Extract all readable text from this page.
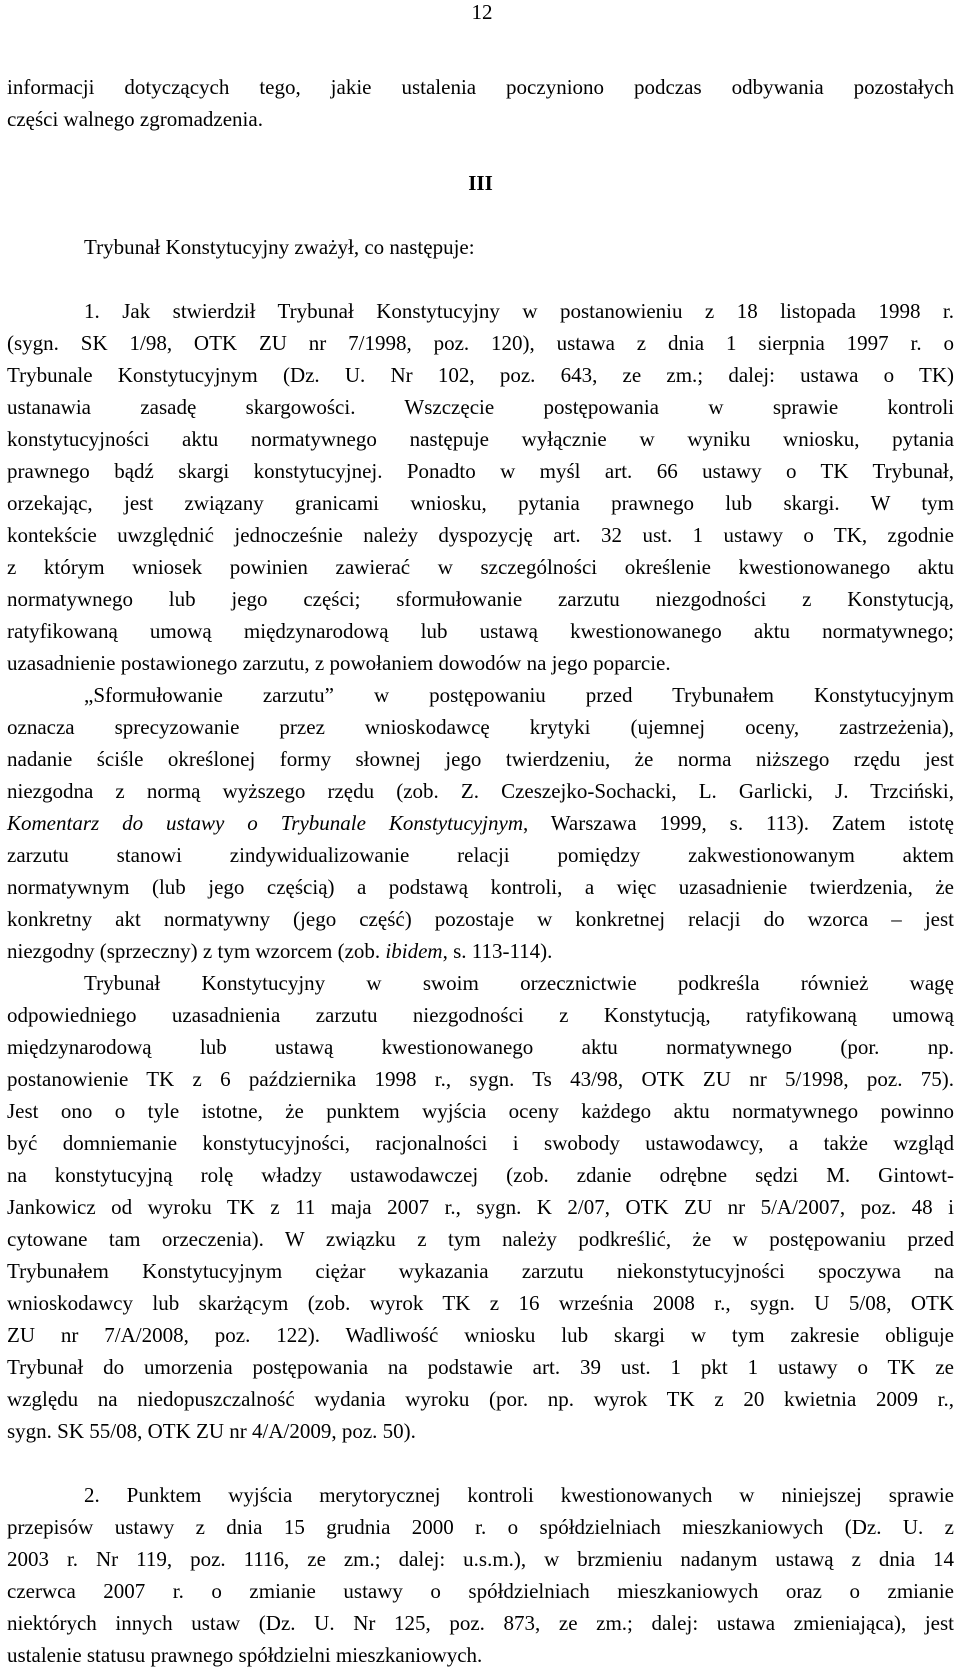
12
informacji dotyczących tego, jakie ustalenia poczyniono podczas odbywania pozostałych
części walnego zgromadzenia.
III
Trybunał Konstytucyjny zważył, co następuje:
1. Jak stwierdził Trybunał Konstytucyjny w postanowieniu z 18 listopada 1998 r.
(sygn. SK 1/98, OTK ZU nr 7/1998, poz. 120), ustawa z dnia 1 sierpnia 1997 r. o
Trybunale Konstytucyjnym (Dz. U. Nr 102, poz. 643, ze zm.; dalej: ustawa o TK)
ustanawia zasadę skargowości. Wszczęcie postępowania w sprawie kontroli
konstytucyjności aktu normatywnego następuje wyłącznie w wyniku wniosku, pytania
prawnego bądź skargi konstytucyjnej. Ponadto w myśl art. 66 ustawy o TK Trybunał,
orzekając, jest związany granicami wniosku, pytania prawnego lub skargi. W tym
kontekście uwzględnić jednocześnie należy dyspozycję art. 32 ust. 1 ustawy o TK, zgodnie
z którym wniosek powinien zawierać w szczególności określenie kwestionowanego aktu
normatywnego lub jego części; sformułowanie zarzutu niezgodności z Konstytucją,
ratyfikowaną umową międzynarodową lub ustawą kwestionowanego aktu normatywnego;
uzasadnienie postawionego zarzutu, z powołaniem dowodów na jego poparcie.
„Sformułowanie zarzutu” w postępowaniu przed Trybunałem Konstytucyjnym
oznacza sprecyzowanie przez wnioskodawcę krytyki (ujemnej oceny, zastrzeżenia),
nadanie ściśle określonej formy słownej jego twierdzeniu, że norma niższego rzędu jest
niezgodna z normą wyższego rzędu (zob. Z. Czeszejko-Sochacki, L. Garlicki, J. Trzciński,
Komentarz do ustawy o Trybunale Konstytucyjnym, Warszawa 1999, s. 113). Zatem istotę
zarzutu stanowi zindywidualizowanie relacji pomiędzy zakwestionowanym aktem
normatywnym (lub jego częścią) a podstawą kontroli, a więc uzasadnienie twierdzenia, że
konkretny akt normatywny (jego część) pozostaje w konkretnej relacji do wzorca – jest
niezgodny (sprzeczny) z tym wzorcem (zob. ibidem, s. 113-114).
Trybunał Konstytucyjny w swoim orzecznictwie podkreśla również wagę
odpowiedniego uzasadnienia zarzutu niezgodności z Konstytucją, ratyfikowaną umową
międzynarodową lub ustawą kwestionowanego aktu normatywnego (por. np.
postanowienie TK z 6 października 1998 r., sygn. Ts 43/98, OTK ZU nr 5/1998, poz. 75).
Jest ono o tyle istotne, że punktem wyjścia oceny każdego aktu normatywnego powinno
być domniemanie konstytucyjności, racjonalności i swobody ustawodawcy, a także wzgląd
na konstytucyjną rolę władzy ustawodawczej (zob. zdanie odrębne sędzi M. Gintowt-
Jankowicz od wyroku TK z 11 maja 2007 r., sygn. K 2/07, OTK ZU nr 5/A/2007, poz. 48 i
cytowane tam orzeczenia). W związku z tym należy podkreślić, że w postępowaniu przed
Trybunałem Konstytucyjnym ciężar wykazania zarzutu niekonstytucyjności spoczywa na
wnioskodawcy lub skarżącym (zob. wyrok TK z 16 września 2008 r., sygn. U 5/08, OTK
ZU nr 7/A/2008, poz. 122). Wadliwość wniosku lub skargi w tym zakresie obliguje
Trybunał do umorzenia postępowania na podstawie art. 39 ust. 1 pkt 1 ustawy o TK ze
względu na niedopuszczalność wydania wyroku (por. np. wyrok TK z 20 kwietnia 2009 r.,
sygn. SK 55/08, OTK ZU nr 4/A/2009, poz. 50).
2. Punktem wyjścia merytorycznej kontroli kwestionowanych w niniejszej sprawie
przepisów ustawy z dnia 15 grudnia 2000 r. o spółdzielniach mieszkaniowych (Dz. U. z
2003 r. Nr 119, poz. 1116, ze zm.; dalej: u.s.m.), w brzmieniu nadanym ustawą z dnia 14
czerwca 2007 r. o zmianie ustawy o spółdzielniach mieszkaniowych oraz o zmianie
niektórych innych ustaw (Dz. U. Nr 125, poz. 873, ze zm.; dalej: ustawa zmieniająca), jest
ustalenie statusu prawnego spółdzielni mieszkaniowych.
